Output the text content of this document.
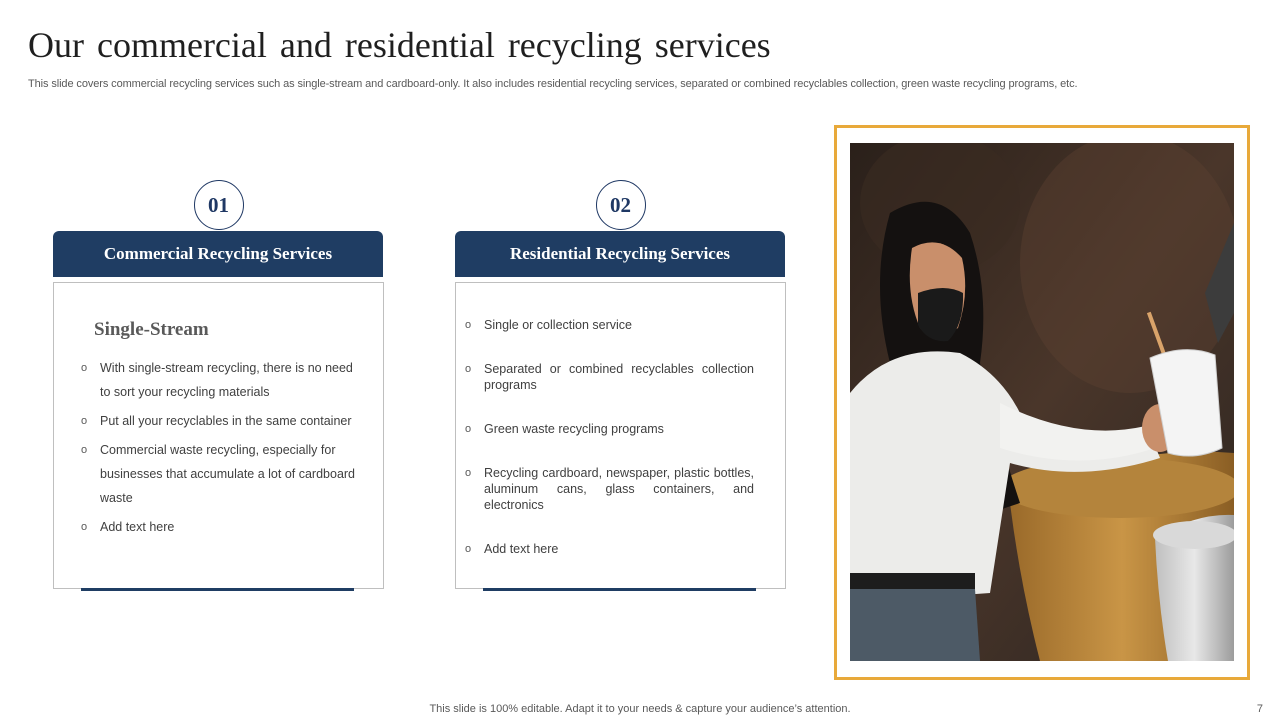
Our commercial and residential recycling services
This slide covers commercial recycling services such as single-stream and cardboard-only. It also includes residential recycling services, separated or combined recyclables collection, green waste recycling programs, etc.
01
Commercial Recycling Services
Single-Stream
o With single-stream recycling, there is no need to sort your recycling materials
o Put all your recyclables in the same container
o Commercial waste recycling, especially for businesses that accumulate a lot of cardboard waste
o Add text here
02
Residential Recycling Services
o Single or collection service
o Separated or combined recyclables collection programs
o Green waste recycling programs
o Recycling cardboard, newspaper, plastic bottles, aluminum cans, glass containers, and electronics
o Add text here
This slide is 100% editable. Adapt it to your needs & capture your audience’s attention.	7
